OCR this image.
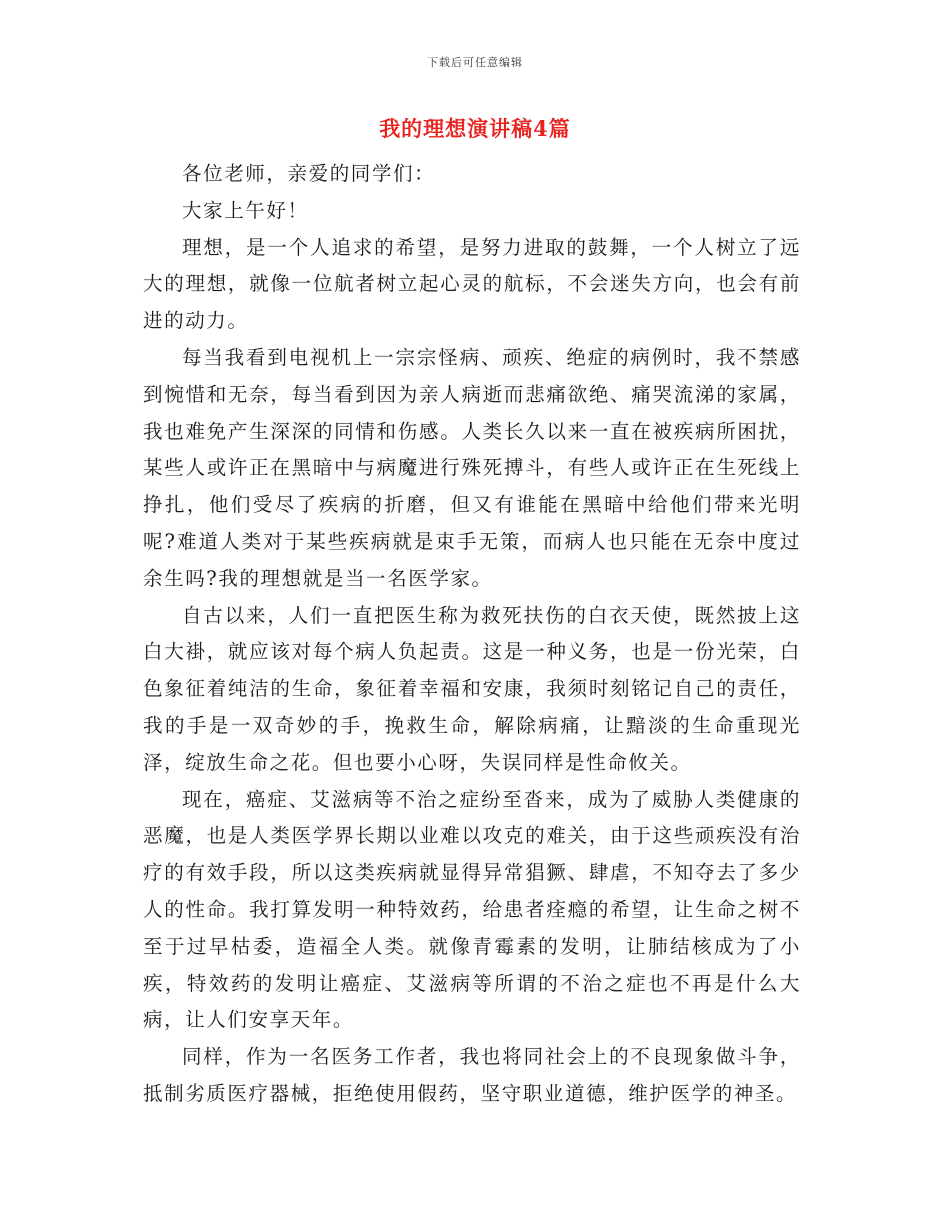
下载后可任意编辑
我的理想演讲稿4篇

各位老师，亲爱的同学们：

大家上午好！

理想，是一个人追求的希望，是努力进取的鼓舞，一个人树立了远大的理想，就像一位航者树立起心灵的航标，不会迷失方向，也会有前进的动力。

每当我看到电视机上一宗宗怪病、顽疾、绝症的病例时，我不禁感到惋惜和无奈，每当看到因为亲人病逝而悲痛欲绝、痛哭流涕的家属，我也难免产生深深的同情和伤感。人类长久以来一直在被疾病所困扰，某些人或许正在黑暗中与病魔进行殊死搏斗，有些人或许正在生死线上挣扎，他们受尽了疾病的折磨，但又有谁能在黑暗中给他们带来光明呢?难道人类对于某些疾病就是束手无策，而病人也只能在无奈中度过余生吗?我的理想就是当一名医学家。

自古以来，人们一直把医生称为救死扶伤的白衣天使，既然披上这白大褂，就应该对每个病人负起责。这是一种义务，也是一份光荣，白色象征着纯洁的生命，象征着幸福和安康，我须时刻铭记自己的责任，我的手是一双奇妙的手，挽救生命，解除病痛，让黯淡的生命重现光泽，绽放生命之花。但也要小心呀，失误同样是性命攸关。

现在，癌症、艾滋病等不治之症纷至沓来，成为了威胁人类健康的恶魔，也是人类医学界长期以业难以攻克的难关，由于这些顽疾没有治疗的有效手段，所以这类疾病就显得异常猖獗、肆虐，不知夺去了多少人的性命。我打算发明一种特效药，给患者痊瘾的希望，让生命之树不至于过早枯委，造福全人类。就像青霉素的发明，让肺结核成为了小疾，特效药的发明让癌症、艾滋病等所谓的不治之症也不再是什么大病，让人们安享天年。

同样，作为一名医务工作者，我也将同社会上的不良现象做斗争，抵制劣质医疗器械，拒绝使用假药，坚守职业道德，维护医学的神圣。
